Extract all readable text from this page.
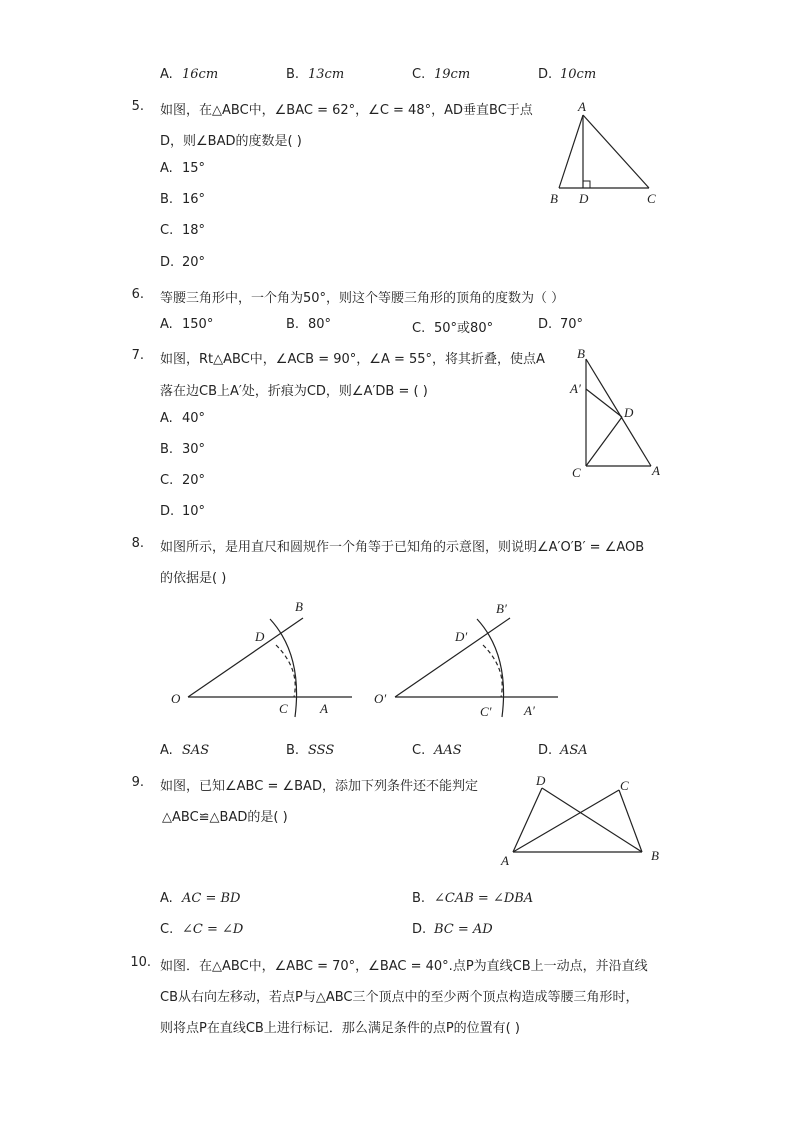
A. 16cm	B. 13cm	C. 19cm	D. 10cm
5. 如图，在△ABC中，∠BAC = 62°，∠C = 48°，AD垂直BC于点
D，则∠BAD的度数是( )
A. 15°
B. 16°
C. 18°
D. 20°
A
B D	C
6. 等腰三角形中，一个角为50°，则这个等腰三角形的顶角的度数为（ ）
A. 150°	B. 80°	C. 50°或80°	D. 70°
7. 如图，Rt△ABC中，∠ACB = 90°，∠A = 55°，将其折叠，使点A
落在边CB上A′处，折痕为CD，则∠A′DB = ( )
A. 40°
B. 30°
C. 20°
D. 10°
B
A′
D
C	A
8. 如图所示，是用直尺和圆规作一个角等于已知角的示意图，则说明∠A′O′B′ = ∠AOB
的依据是( )
O
D
B
C A
O′
D′
B′
C′ A′
A. SAS	B. SSS	C. AAS	D. ASA
9. 如图，已知∠ABC = ∠BAD，添加下列条件还不能判定
△ABC≌△BAD的是( )
D	C
A	B
A. AC = BD	B. ∠CAB = ∠DBA
C. ∠C = ∠D	D. BC = AD
10. 如图．在△ABC中，∠ABC = 70°，∠BAC = 40°.点P为直线CB上一动点，并沿直线
CB从右向左移动，若点P与△ABC三个顶点中的至少两个顶点构造成等腰三角形时，
则将点P在直线CB上进行标记．那么满足条件的点P的位置有( )
